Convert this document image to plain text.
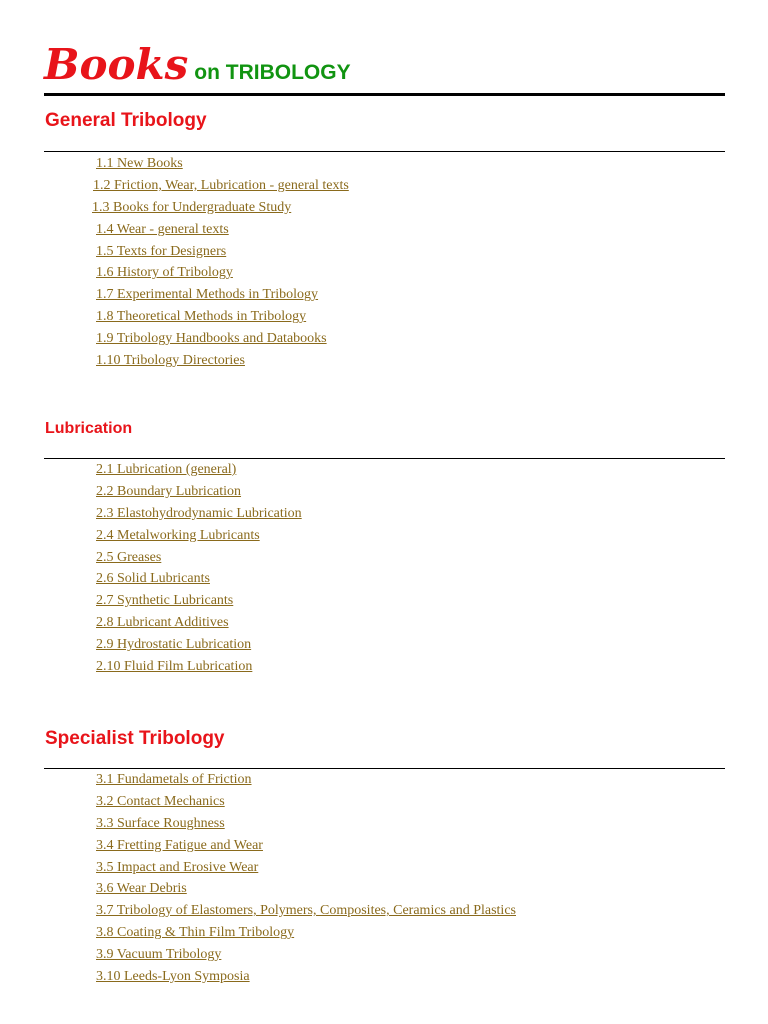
Books on TRIBOLOGY
General Tribology
1.1 New Books
1.2 Friction, Wear, Lubrication - general texts
1.3 Books for Undergraduate Study
1.4 Wear - general texts
1.5 Texts for Designers
1.6 History of Tribology
1.7 Experimental Methods in Tribology
1.8 Theoretical Methods in Tribology
1.9 Tribology Handbooks and Databooks
1.10 Tribology Directories
Lubrication
2.1 Lubrication (general)
2.2 Boundary Lubrication
2.3 Elastohydrodynamic Lubrication
2.4 Metalworking Lubricants
2.5 Greases
2.6 Solid Lubricants
2.7 Synthetic Lubricants
2.8 Lubricant Additives
2.9 Hydrostatic Lubrication
2.10 Fluid Film Lubrication
Specialist Tribology
3.1 Fundametals of Friction
3.2 Contact Mechanics
3.3 Surface Roughness
3.4 Fretting Fatigue and Wear
3.5 Impact and Erosive Wear
3.6 Wear Debris
3.7 Tribology of Elastomers, Polymers, Composites, Ceramics and Plastics
3.8 Coating & Thin Film Tribology
3.9 Vacuum Tribology
3.10 Leeds-Lyon Symposia
